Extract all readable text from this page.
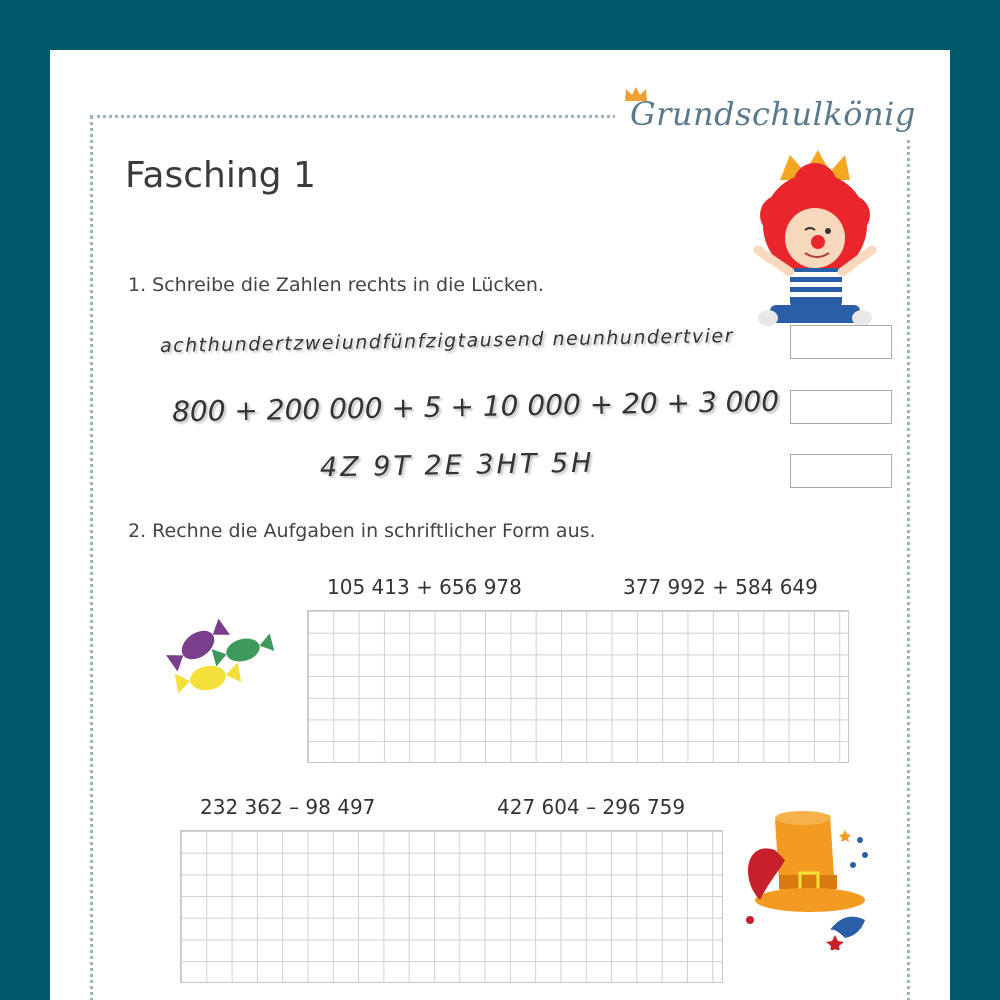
Grundschulkönig
Fasching 1
1. Schreibe die Zahlen rechts in die Lücken.
achthundertzweiundfünfzigtausend neunhundertvier
800 + 200 000 + 5 + 10 000 + 20 + 3 000
4Z 9T 2E 3HT 5H
2. Rechne die Aufgaben in schriftlicher Form aus.
105 413 + 656 978	377 992 + 584 649
232 362 – 98 497	427 604 – 296 759
